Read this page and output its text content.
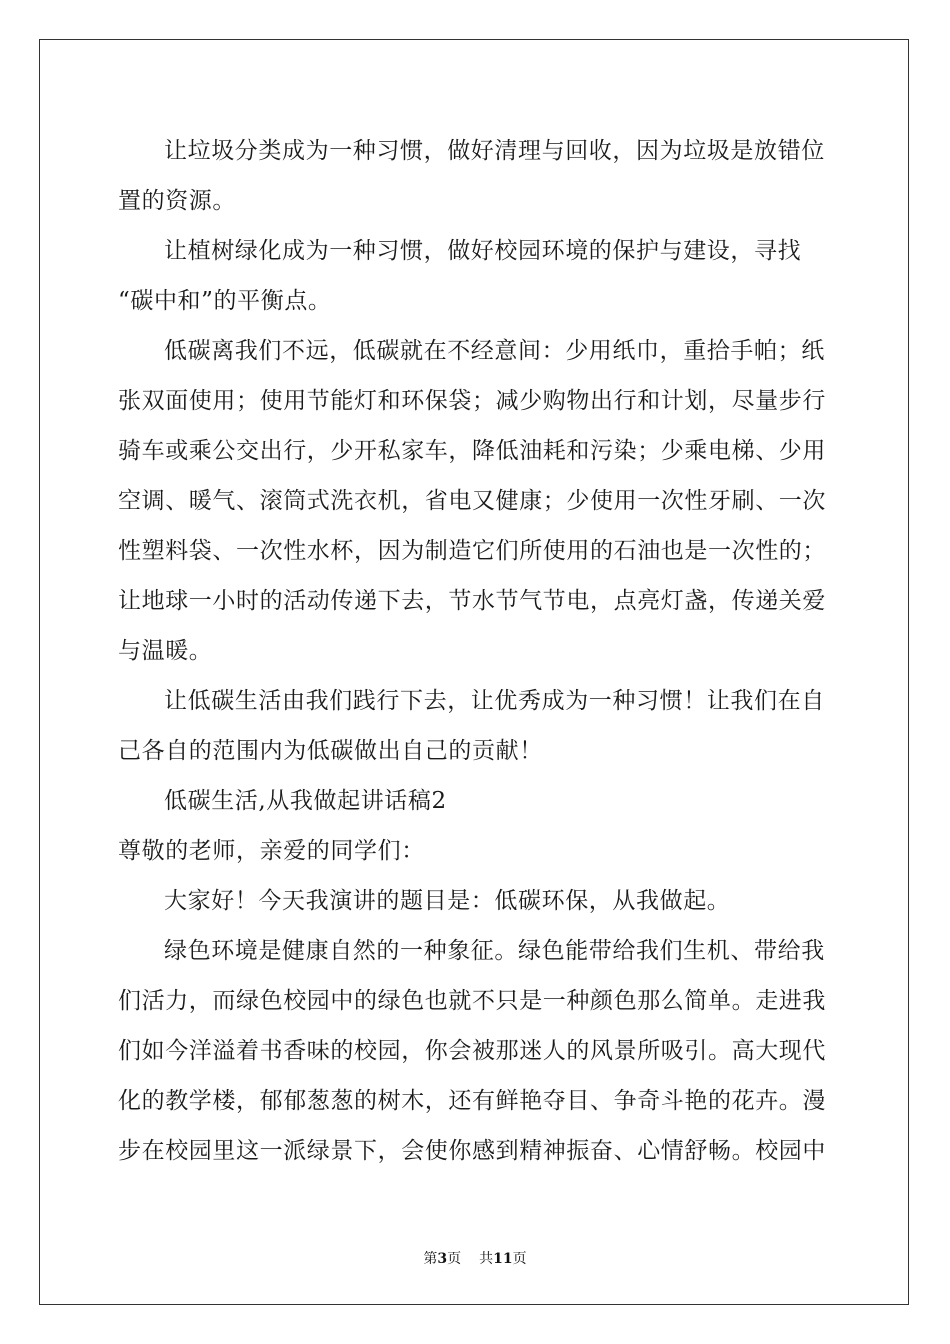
让垃圾分类成为一种习惯，做好清理与回收，因为垃圾是放错位
置的资源。
让植树绿化成为一种习惯，做好校园环境的保护与建设，寻找
“碳中和”的平衡点。
低碳离我们不远，低碳就在不经意间：少用纸巾，重拾手帕；纸
张双面使用；使用节能灯和环保袋；减少购物出行和计划，尽量步行
骑车或乘公交出行，少开私家车，降低油耗和污染；少乘电梯、少用
空调、暖气、滚筒式洗衣机，省电又健康；少使用一次性牙刷、一次
性塑料袋、一次性水杯，因为制造它们所使用的石油也是一次性的；
让地球一小时的活动传递下去，节水节气节电，点亮灯盏，传递关爱
与温暖。
让低碳生活由我们践行下去，让优秀成为一种习惯！让我们在自
己各自的范围内为低碳做出自己的贡献！
低碳生活,从我做起讲话稿2
尊敬的老师，亲爱的同学们：
大家好！今天我演讲的题目是：低碳环保，从我做起。
绿色环境是健康自然的一种象征。绿色能带给我们生机、带给我
们活力，而绿色校园中的绿色也就不只是一种颜色那么简单。走进我
们如今洋溢着书香味的校园，你会被那迷人的风景所吸引。高大现代
化的教学楼，郁郁葱葱的树木，还有鲜艳夺目、争奇斗艳的花卉。漫
步在校园里这一派绿景下，会使你感到精神振奋、心情舒畅。校园中
第3页 共11页
